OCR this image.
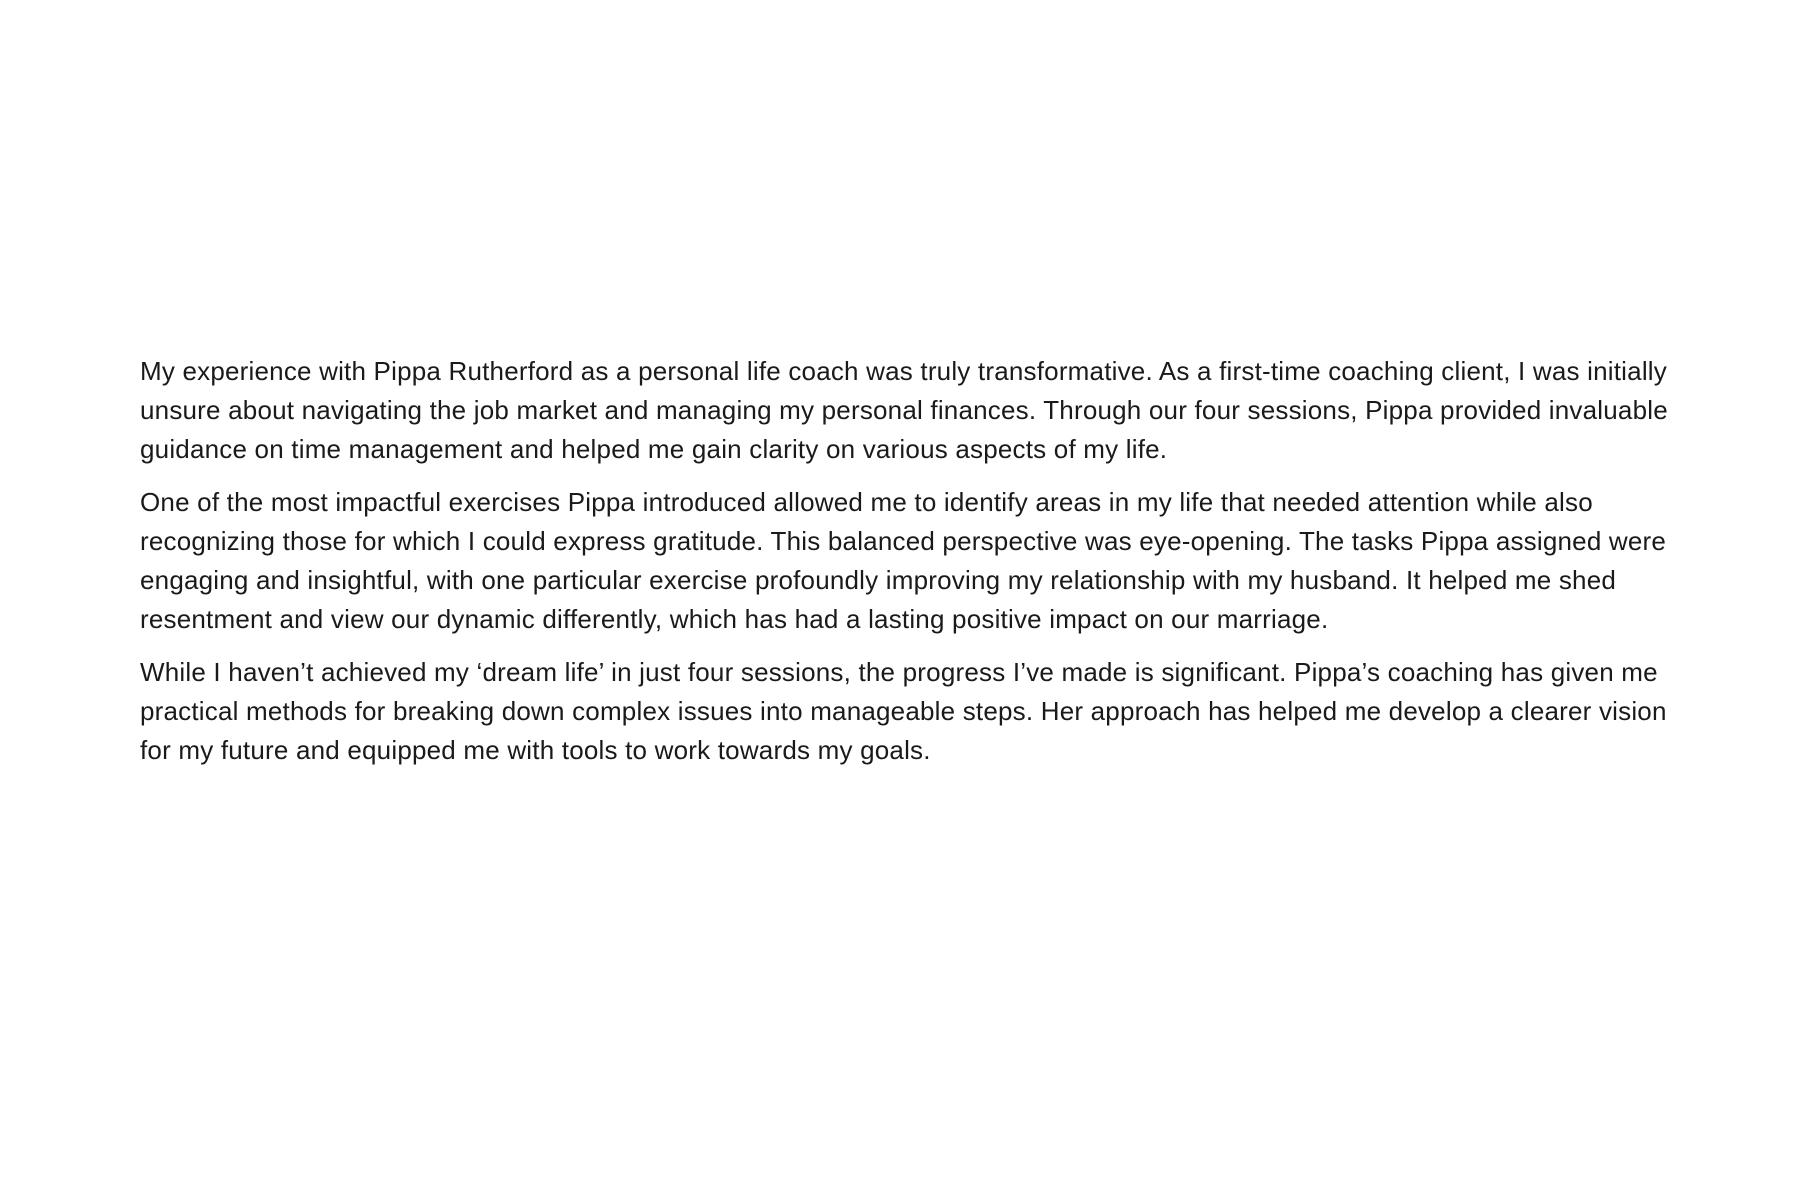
My experience with Pippa Rutherford as a personal life coach was truly transformative. As a first-time coaching client, I was initially unsure about navigating the job market and managing my personal finances. Through our four sessions, Pippa provided invaluable guidance on time management and helped me gain clarity on various aspects of my life.

One of the most impactful exercises Pippa introduced allowed me to identify areas in my life that needed attention while also recognizing those for which I could express gratitude. This balanced perspective was eye-opening. The tasks Pippa assigned were engaging and insightful, with one particular exercise profoundly improving my relationship with my husband. It helped me shed resentment and view our dynamic differently, which has had a lasting positive impact on our marriage.

While I haven’t achieved my ‘dream life’ in just four sessions, the progress I’ve made is significant. Pippa’s coaching has given me practical methods for breaking down complex issues into manageable steps. Her approach has helped me develop a clearer vision for my future and equipped me with tools to work towards my goals.
